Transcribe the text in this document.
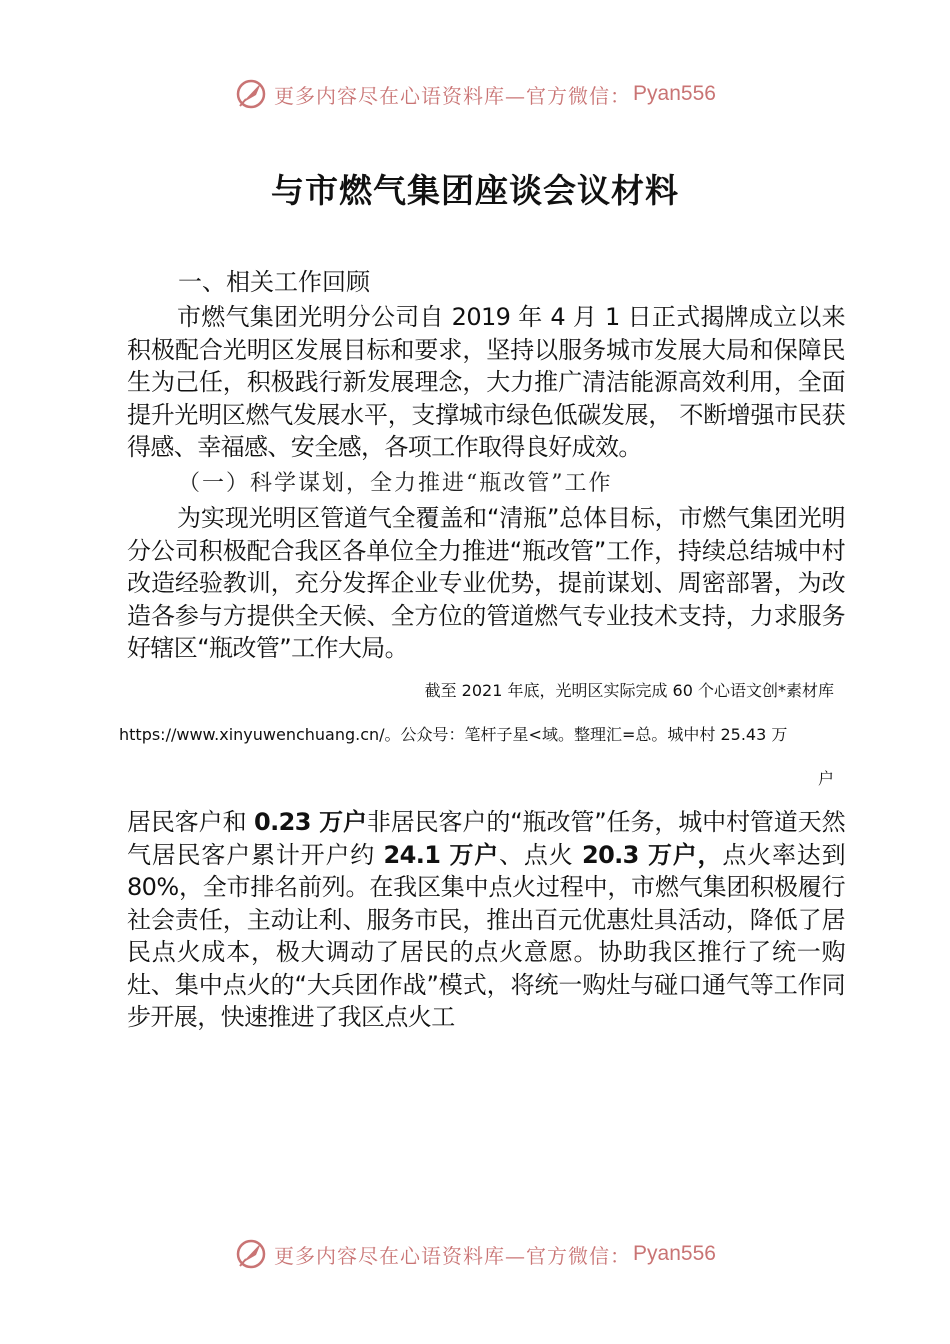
更多内容尽在心语资料库—官方微信： Pyan556
与市燃气集团座谈会议材料

一、相关工作回顾

市燃气集团光明分公司自 2019 年 4 月 1 日正式揭牌成立以来积极配合光明区发展目标和要求，坚持以服务城市发展大局和保障民生为己任，积极践行新发展理念，大力推广清洁能源高效利用，全面提升光明区燃气发展水平，支撑城市绿色低碳发展， 不断增强市民获得感、幸福感、安全感，各项工作取得良好成效。

（一）科学谋划，全力推进“瓶改管”工作

为实现光明区管道气全覆盖和“清瓶”总体目标，市燃气集团光明分公司积极配合我区各单位全力推进“瓶改管”工作，持续总结城中村改造经验教训，充分发挥企业专业优势，提前谋划、周密部署，为改造各参与方提供全天候、全方位的管道燃气专业技术支持，力求服务好辖区“瓶改管”工作大局。

截至 2021 年底，光明区实际完成 60 个心语文创*素材库

https://www.xinyuwenchuang.cn/。公众号：笔杆子星<域。整理汇=总。城中村 25.43 万

户

居民客户和 0.23 万户非居民客户的“瓶改管”任务，城中村管道天然气居民客户累计开户约 24.1 万户、点火 20.3 万户，点火率达到 80%，全市排名前列。在我区集中点火过程中，市燃气集团积极履行社会责任，主动让利、服务市民，推出百元优惠灶具活动，降低了居民点火成本，极大调动了居民的点火意愿。协助我区推行了统一购灶、集中点火的“大兵团作战”模式，将统一购灶与碰口通气等工作同步开展，快速推进了我区点火工

更多内容尽在心语资料库—官方微信： Pyan556
